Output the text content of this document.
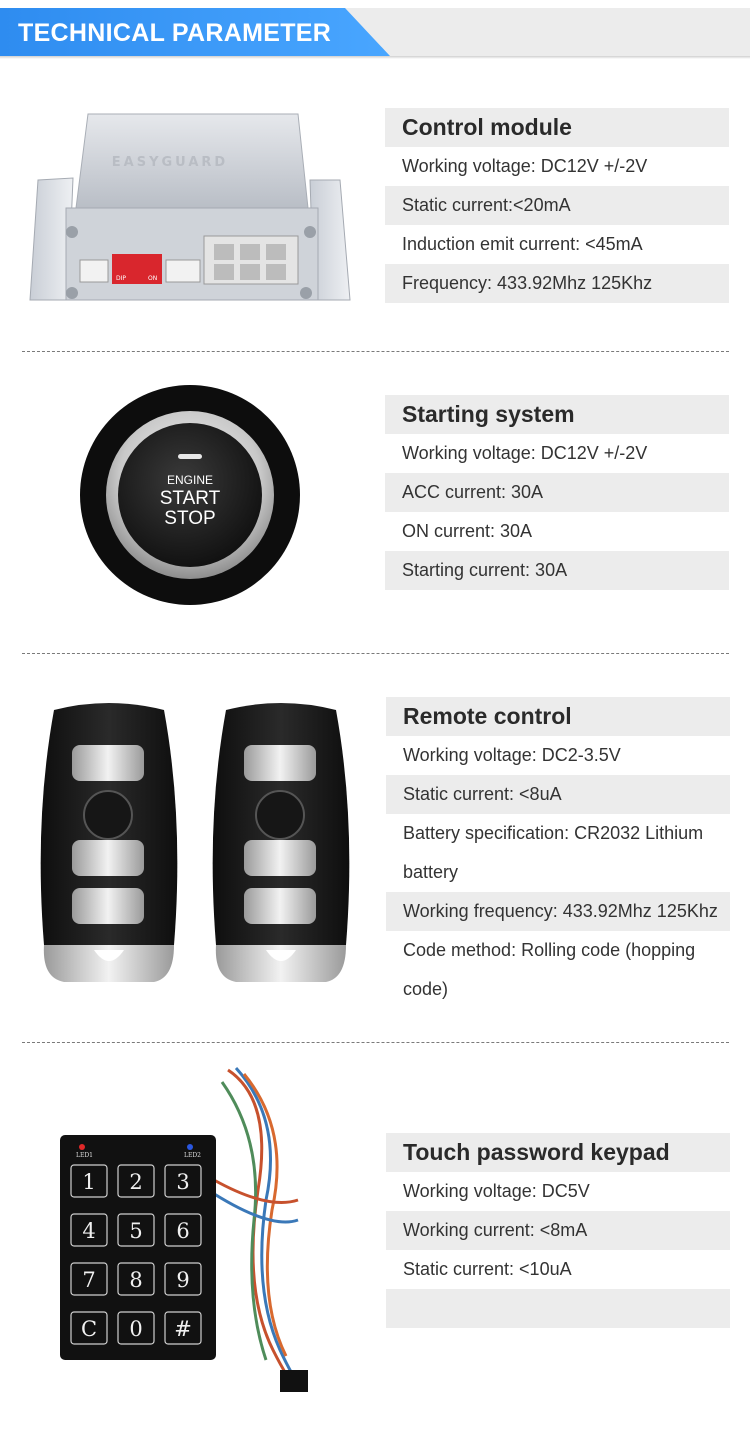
TECHNICAL PARAMETER
EASYGUARD
DIP	ON
Control module
Working voltage: DC12V +/-2V
Static current:<20mA
Induction emit current: <45mA
Frequency: 433.92Mhz 125Khz
ENGINE
START
STOP
Starting system
Working voltage: DC12V +/-2V
ACC current: 30A
ON current: 30A
Starting current: 30A
Remote control
Working voltage: DC2-3.5V
Static current: <8uA
Battery specification: CR2032 Lithium battery
Working frequency: 433.92Mhz 125Khz
Code method: Rolling code (hopping code)
LED1	LED2
1 2 3
4 5 6
7 8 9
C 0 #
Touch password keypad
Working voltage: DC5V
Working current: <8mA
Static current: <10uA
